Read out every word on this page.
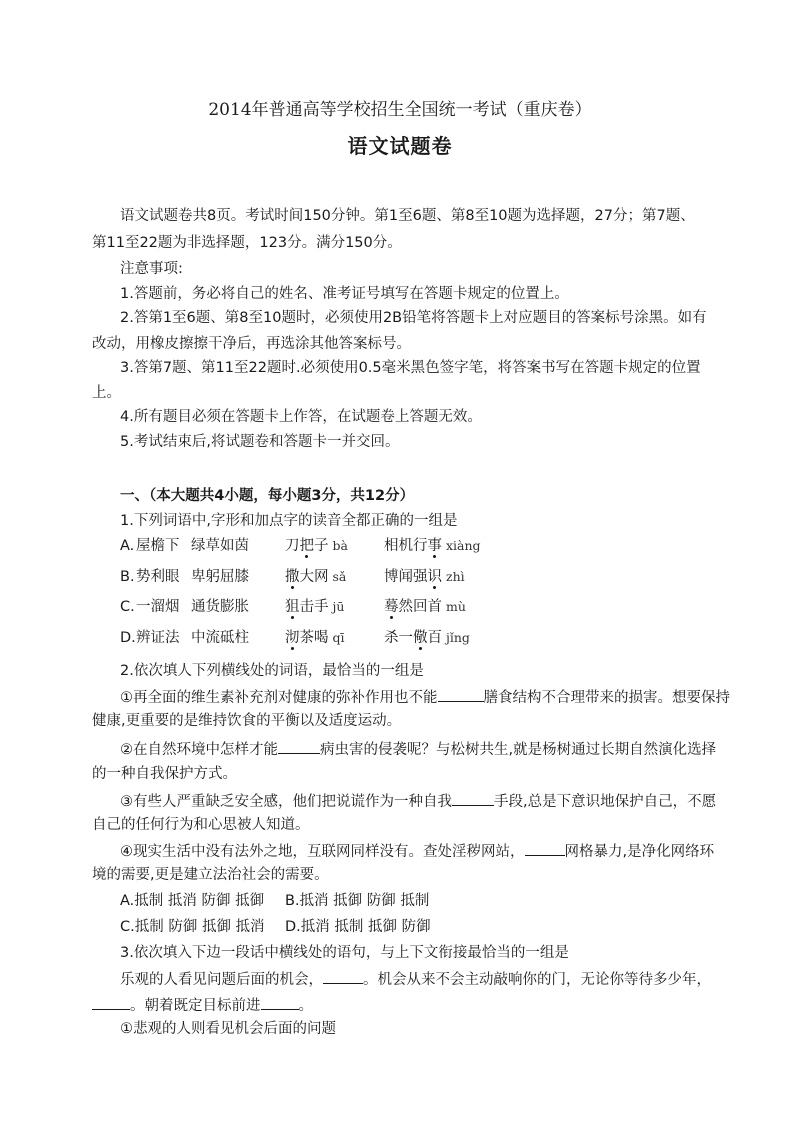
2014年普通高等学校招生全国统一考试（重庆卷）
语文试题卷
语文试题卷共8页。考试时间150分钟。第1至6题、第8至10题为选择题，27分；第7题、
第11至22题为非选择题，123分。满分150分。
注意事项:
1.答题前，务必将自己的姓名、准考证号填写在答题卡规定的位置上。
2.答第1至6题、第8至10题时，必须使用2B铅笔将答题卡上对应题目的答案标号涂黑。如有
改动，用橡皮擦擦干净后，再选涂其他答案标号。
3.答第7题、第11至22题时.必须使用0.5毫米黑色签字笔，将答案书写在答题卡规定的位置
上。
4.所有题目必须在答题卡上作答，在试题卷上答题无效。
5.考试结束后,将试题卷和答题卡一并交回。
一、（本大题共4小题，每小题3分，共12分）
1.下列词语中,字形和加点字的读音全都正确的一组是
A. 屋檐下 绿草如茵 刀把子 bà 相机行事 xiàng
B. 势利眼 卑躬屈膝 撒大网 sǎ	博闻强识 zhì
C. 一溜烟 通货膨胀 狙击手 jū	蓦然回首 mù
D. 辨证法 中流砥柱 沏茶喝 qī	杀一儆百 jǐng
2.依次填人下列横线处的词语，最恰当的一组是
①再全面的维生素补充剂对健康的弥补作用也不能	膳食结构不合理带来的损害。想要保持
健康,更重要的是维持饮食的平衡以及适度运动。
②在自然环境中怎样才能	病虫害的侵袭呢？与松树共生,就是杨树通过长期自然演化选择
的一种自我保护方式。
③有些人严重缺乏安全感，他们把说谎作为一种自我	手段,总是下意识地保护自己，不愿
自己的任何行为和心思被人知道。
④现实生活中没有法外之地，互联网同样没有。查处淫秽网站，	网格暴力,是净化网络环
境的需要,更是建立法治社会的需要。
A.抵制 抵消 防御 抵御 B.抵消 抵御 防御 抵制
C.抵制 防御 抵御 抵消 D.抵消 抵制 抵御 防御
3.依次填入下边一段话中横线处的语句，与上下文衔接最恰当的一组是
乐观的人看见问题后面的机会，	。机会从来不会主动敲响你的门，无论你等待多少年，
。朝着既定目标前进	。
①悲观的人则看见机会后面的问题
